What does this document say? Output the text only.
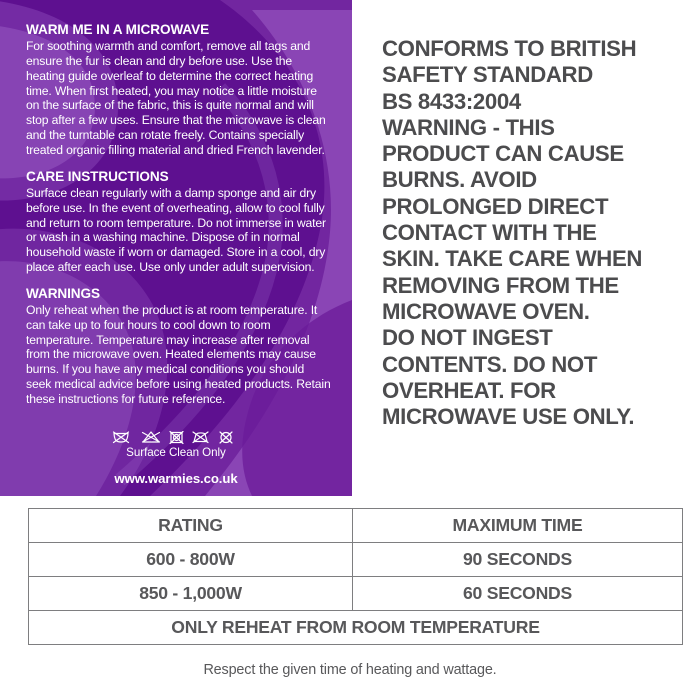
WARM ME IN A MICROWAVE

For soothing warmth and comfort, remove all tags and ensure the fur is clean and dry before use. Use the heating guide overleaf to determine the correct heating time. When first heated, you may notice a little moisture on the surface of the fabric, this is quite normal and will stop after a few uses. Ensure that the microwave is clean and the turntable can rotate freely. Contains specially treated organic filling material and dried French lavender.

CARE INSTRUCTIONS

Surface clean regularly with a damp sponge and air dry before use. In the event of overheating, allow to cool fully and return to room temperature. Do not immerse in water or wash in a washing machine. Dispose of in normal household waste if worn or damaged. Store in a cool, dry place after each use. Use only under adult supervision.

WARNINGS

Only reheat when the product is at room temperature. It can take up to four hours to cool down to room temperature. Temperature may increase after removal from the microwave oven. Heated elements may cause burns. If you have any medical conditions you should seek medical advice before using heated products. Retain these instructions for future reference.

Surface Clean Only
www.warmies.co.uk
CONFORMS TO BRITISH
SAFETY STANDARD
BS 8433:2004
WARNING - THIS
PRODUCT CAN CAUSE
BURNS. AVOID
PROLONGED DIRECT
CONTACT WITH THE
SKIN. TAKE CARE WHEN
REMOVING FROM THE
MICROWAVE OVEN.
DO NOT INGEST
CONTENTS. DO NOT
OVERHEAT. FOR
MICROWAVE USE ONLY.
RATING	MAXIMUM TIME
600 - 800W	90 SECONDS
850 - 1,000W	60 SECONDS
ONLY REHEAT FROM ROOM TEMPERATURE	
Respect the given time of heating and wattage.
